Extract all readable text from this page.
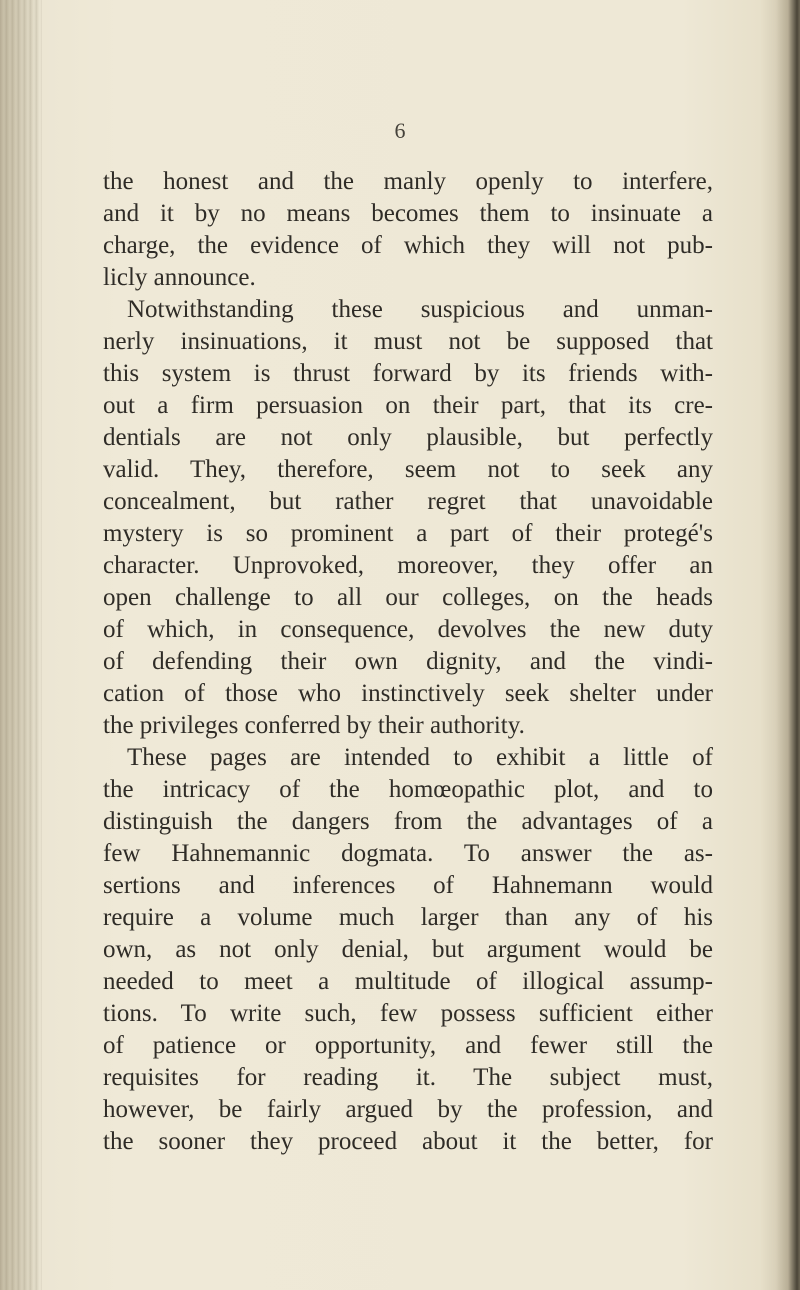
6
the honest and the manly openly to interfere,
and it by no means becomes them to insinuate a
charge, the evidence of which they will not pub-
licly announce.
Notwithstanding these suspicious and unman-
nerly insinuations, it must not be supposed that
this system is thrust forward by its friends with-
out a firm persuasion on their part, that its cre-
dentials are not only plausible, but perfectly
valid. They, therefore, seem not to seek any
concealment, but rather regret that unavoidable
mystery is so prominent a part of their protegé's
character. Unprovoked, moreover, they offer an
open challenge to all our colleges, on the heads
of which, in consequence, devolves the new duty
of defending their own dignity, and the vindi-
cation of those who instinctively seek shelter under
the privileges conferred by their authority.
These pages are intended to exhibit a little of
the intricacy of the homœopathic plot, and to
distinguish the dangers from the advantages of a
few Hahnemannic dogmata. To answer the as-
sertions and inferences of Hahnemann would
require a volume much larger than any of his
own, as not only denial, but argument would be
needed to meet a multitude of illogical assump-
tions. To write such, few possess sufficient either
of patience or opportunity, and fewer still the
requisites for reading it. The subject must,
however, be fairly argued by the profession, and
the sooner they proceed about it the better, for
